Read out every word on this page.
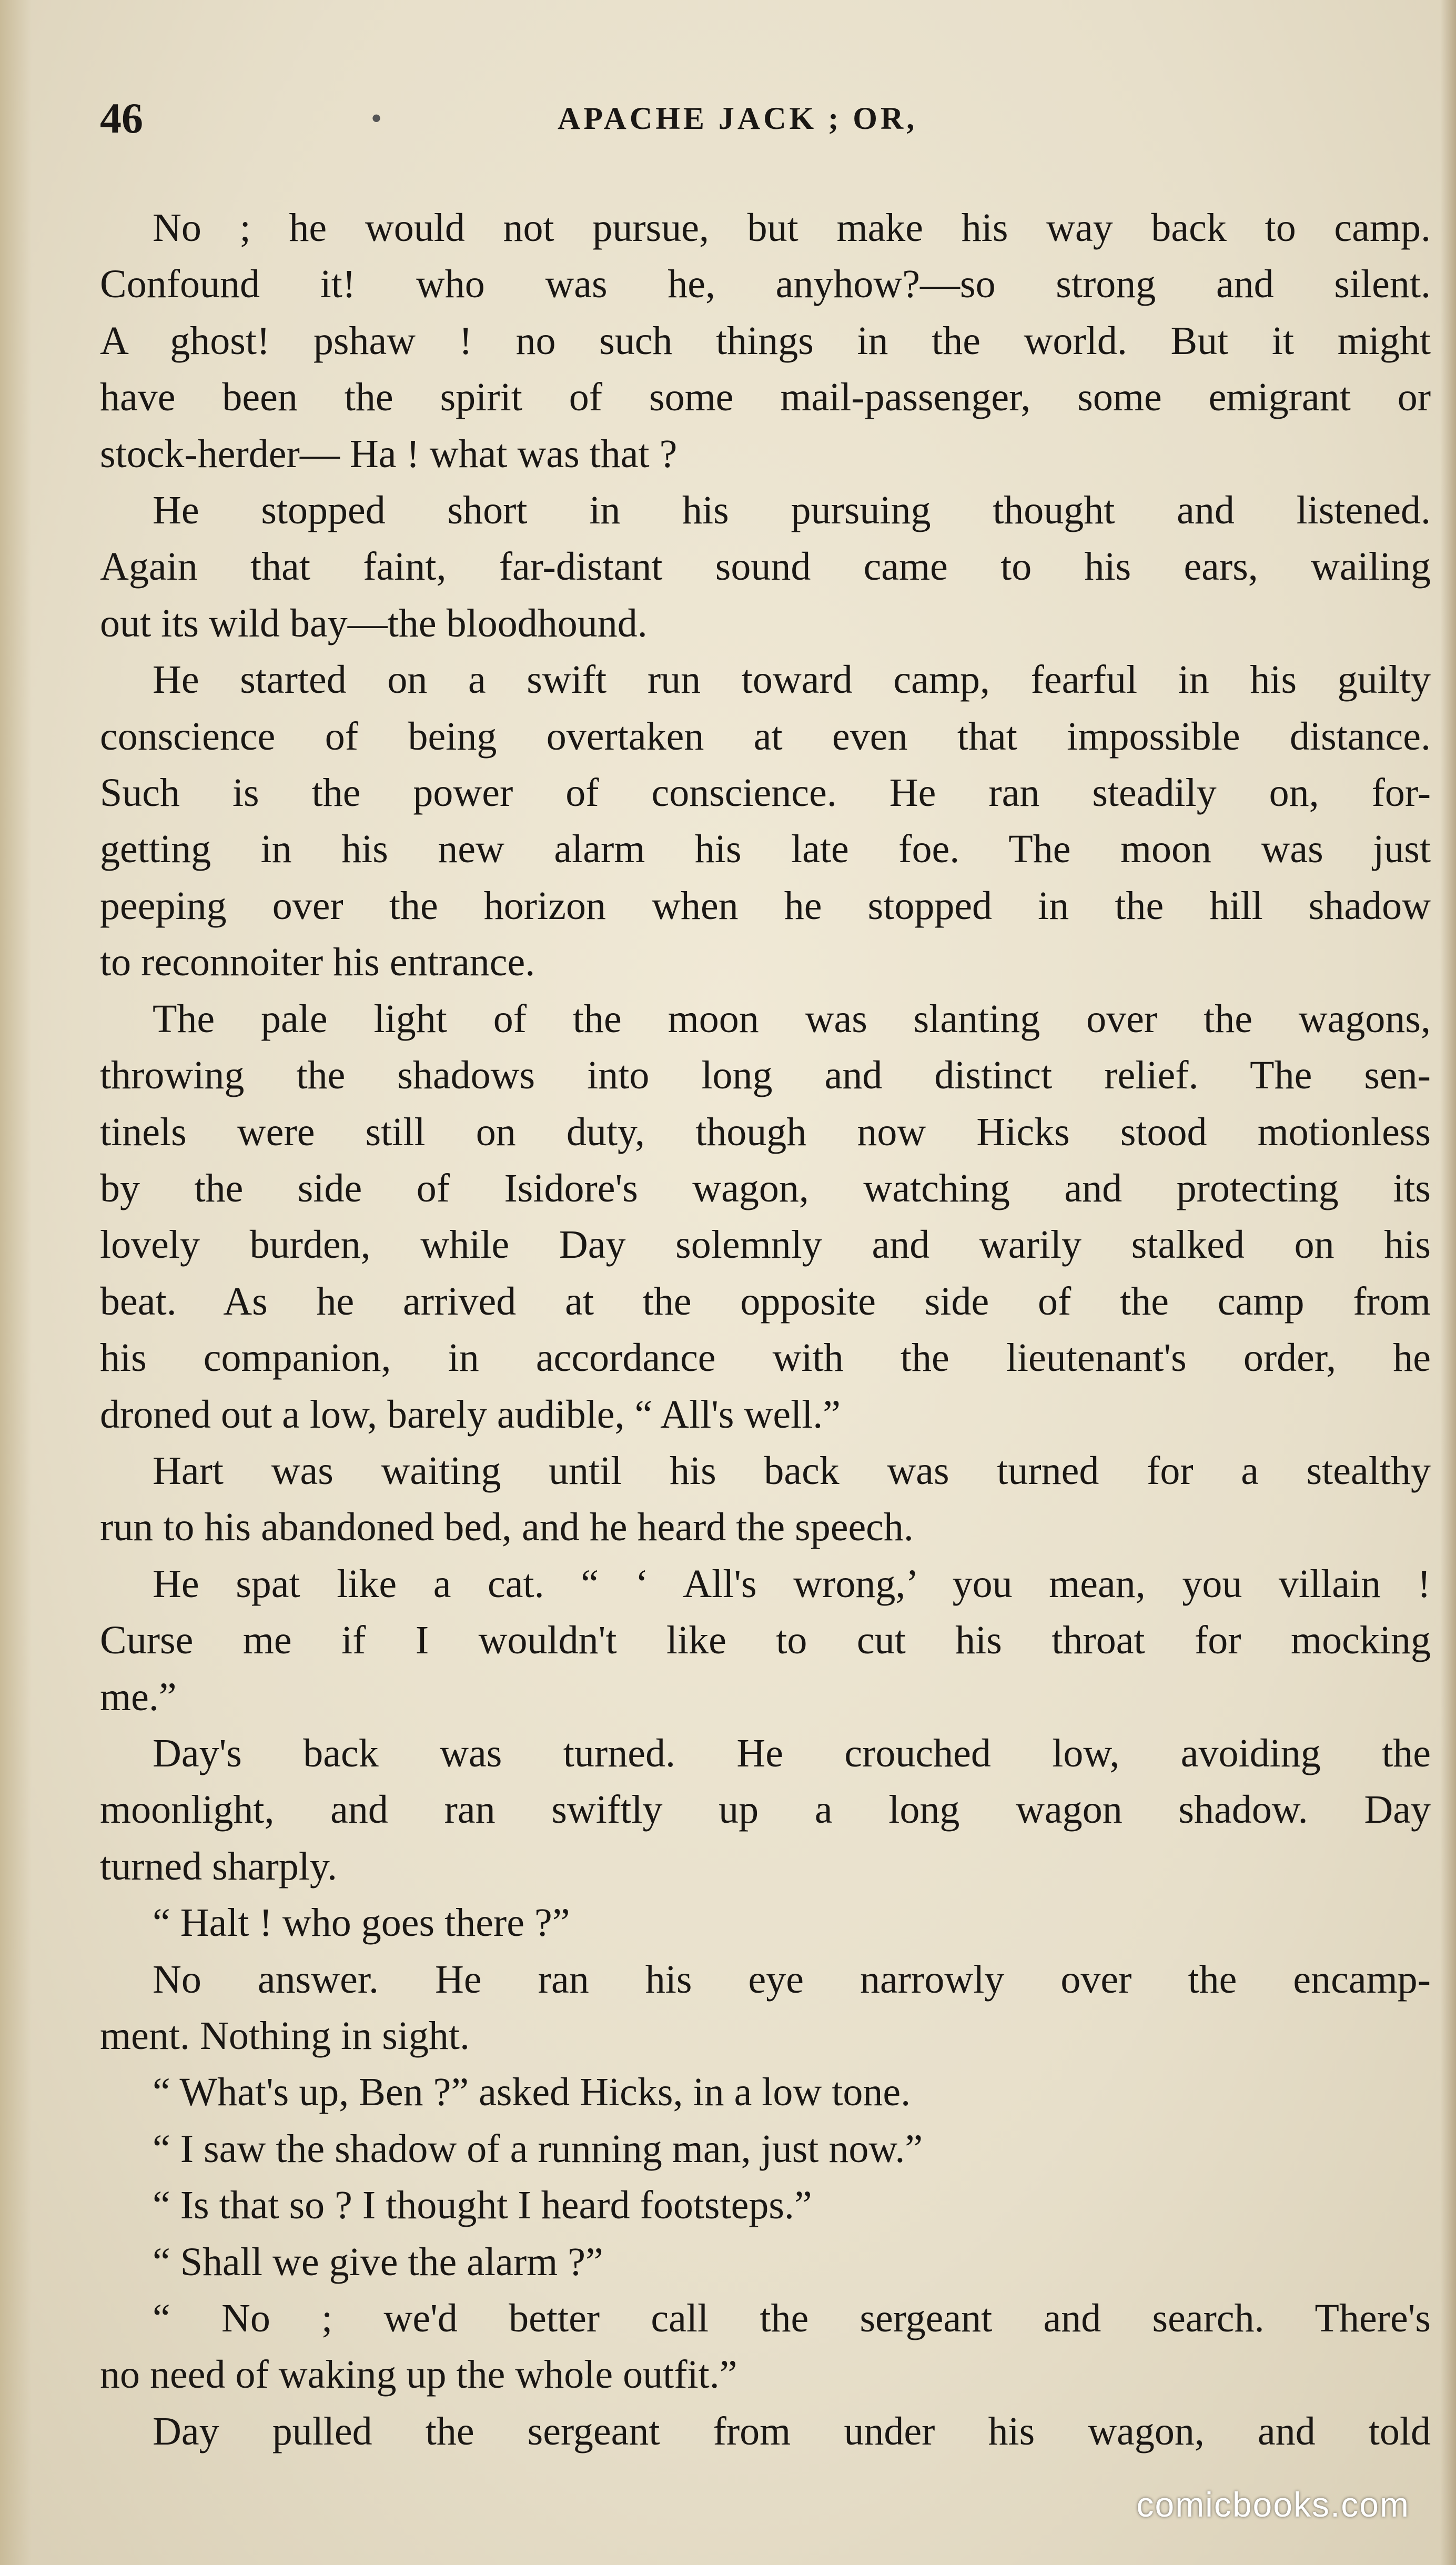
46	•	APACHE JACK ; OR,

No ; he would not pursue, but make his way back to camp.
Confound it! who was he, anyhow?—so strong and silent.
A ghost! pshaw ! no such things in the world. But it might
have been the spirit of some mail-passenger, some emigrant or
stock-herder— Ha ! what was that ?
He stopped short in his pursuing thought and listened.
Again that faint, far-distant sound came to his ears, wailing
out its wild bay—the bloodhound.
He started on a swift run toward camp, fearful in his guilty
conscience of being overtaken at even that impossible distance.
Such is the power of conscience. He ran steadily on, for-
getting in his new alarm his late foe. The moon was just
peeping over the horizon when he stopped in the hill shadow
to reconnoiter his entrance.
The pale light of the moon was slanting over the wagons,
throwing the shadows into long and distinct relief. The sen-
tinels were still on duty, though now Hicks stood motionless
by the side of Isidore's wagon, watching and protecting its
lovely burden, while Day solemnly and warily stalked on his
beat. As he arrived at the opposite side of the camp from
his companion, in accordance with the lieutenant's order, he
droned out a low, barely audible, “ All's well.”
Hart was waiting until his back was turned for a stealthy
run to his abandoned bed, and he heard the speech.
He spat like a cat. “ ‘ All's wrong,’ you mean, you villain !
Curse me if I wouldn't like to cut his throat for mocking
me.”
Day's back was turned. He crouched low, avoiding the
moonlight, and ran swiftly up a long wagon shadow. Day
turned sharply.
“ Halt ! who goes there ?”
No answer. He ran his eye narrowly over the encamp-
ment. Nothing in sight.
“ What's up, Ben ?” asked Hicks, in a low tone.
“ I saw the shadow of a running man, just now.”
“ Is that so ? I thought I heard footsteps.”
“ Shall we give the alarm ?”
“ No ; we'd better call the sergeant and search. There's
no need of waking up the whole outfit.”
Day pulled the sergeant from under his wagon, and told

comicbooks.com
